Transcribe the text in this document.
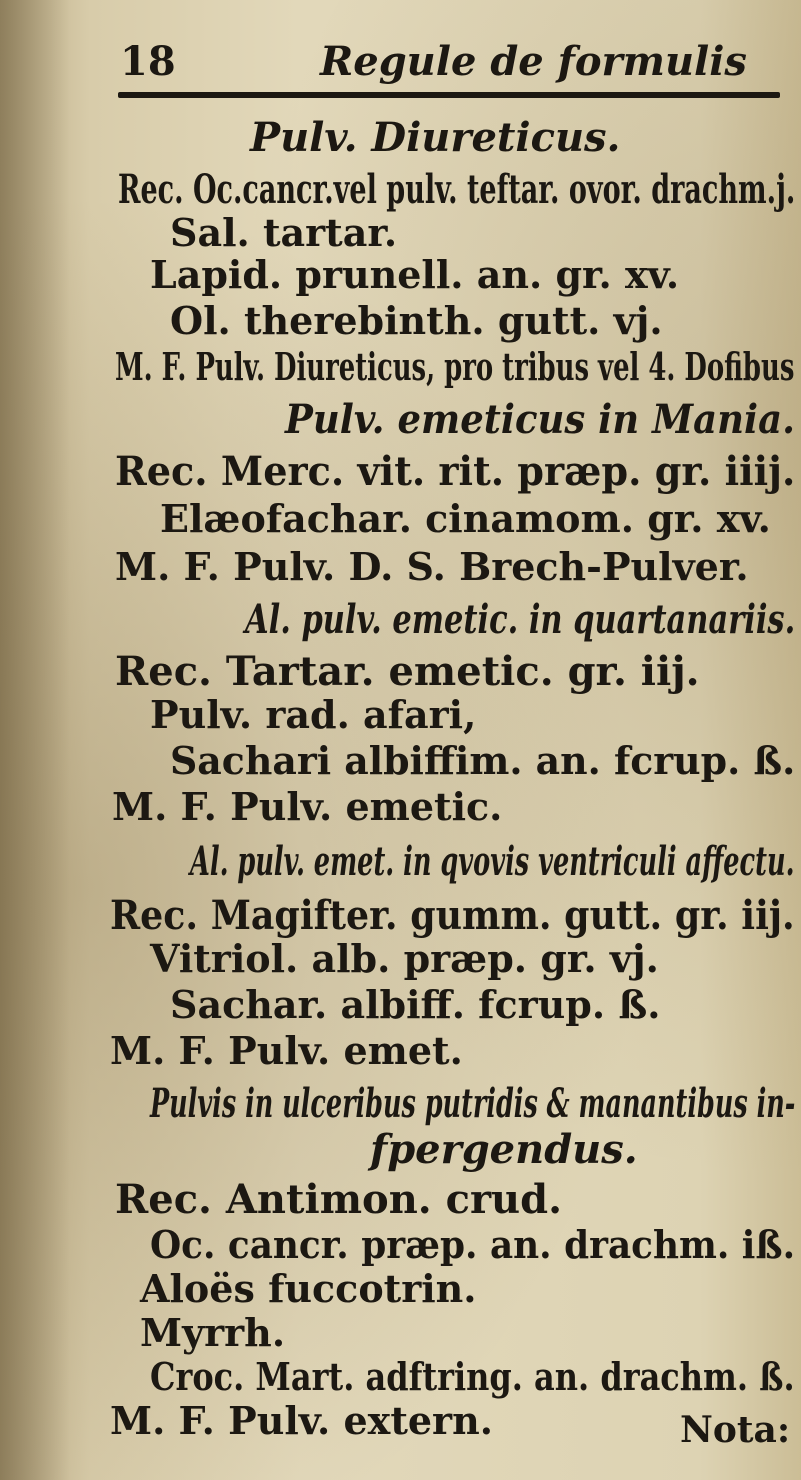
18	Regule de formulis
Pulv. Diureticus.
Rec. Oc.cancr.vel pulv. teftar. ovor. drachm.j.
Sal. tartar.
Lapid. prunell. an. gr. xv.
Ol. therebinth. gutt. vj.
M. F. Pulv. Diureticus, pro tribus vel 4. Dofibus
Pulv. emeticus in Mania.
Rec. Merc. vit. rit. præp. gr. iiij.
Elæofachar. cinamom. gr. xv.
M. F. Pulv. D. S. Brech-Pulver.
Al. pulv. emetic. in quartanariis.
Rec. Tartar. emetic. gr. iij.
Pulv. rad. afari,
Sachari albiffim. an. fcrup. ß.
M. F. Pulv. emetic.
Al. pulv. emet. in qvovis ventriculi affectu.
Rec. Magifter. gumm. gutt. gr. iij.
Vitriol. alb. præp. gr. vj.
Sachar. albiff. fcrup. ß.
M. F. Pulv. emet.
Pulvis in ulceribus putridis & manantibus in-
fpergendus.
Rec. Antimon. crud.
Oc. cancr. præp. an. drachm. iß.
Aloës fuccotrin.
Myrrh.
Croc. Mart. adftring. an. drachm. ß.
M. F. Pulv. extern.	Nota:
